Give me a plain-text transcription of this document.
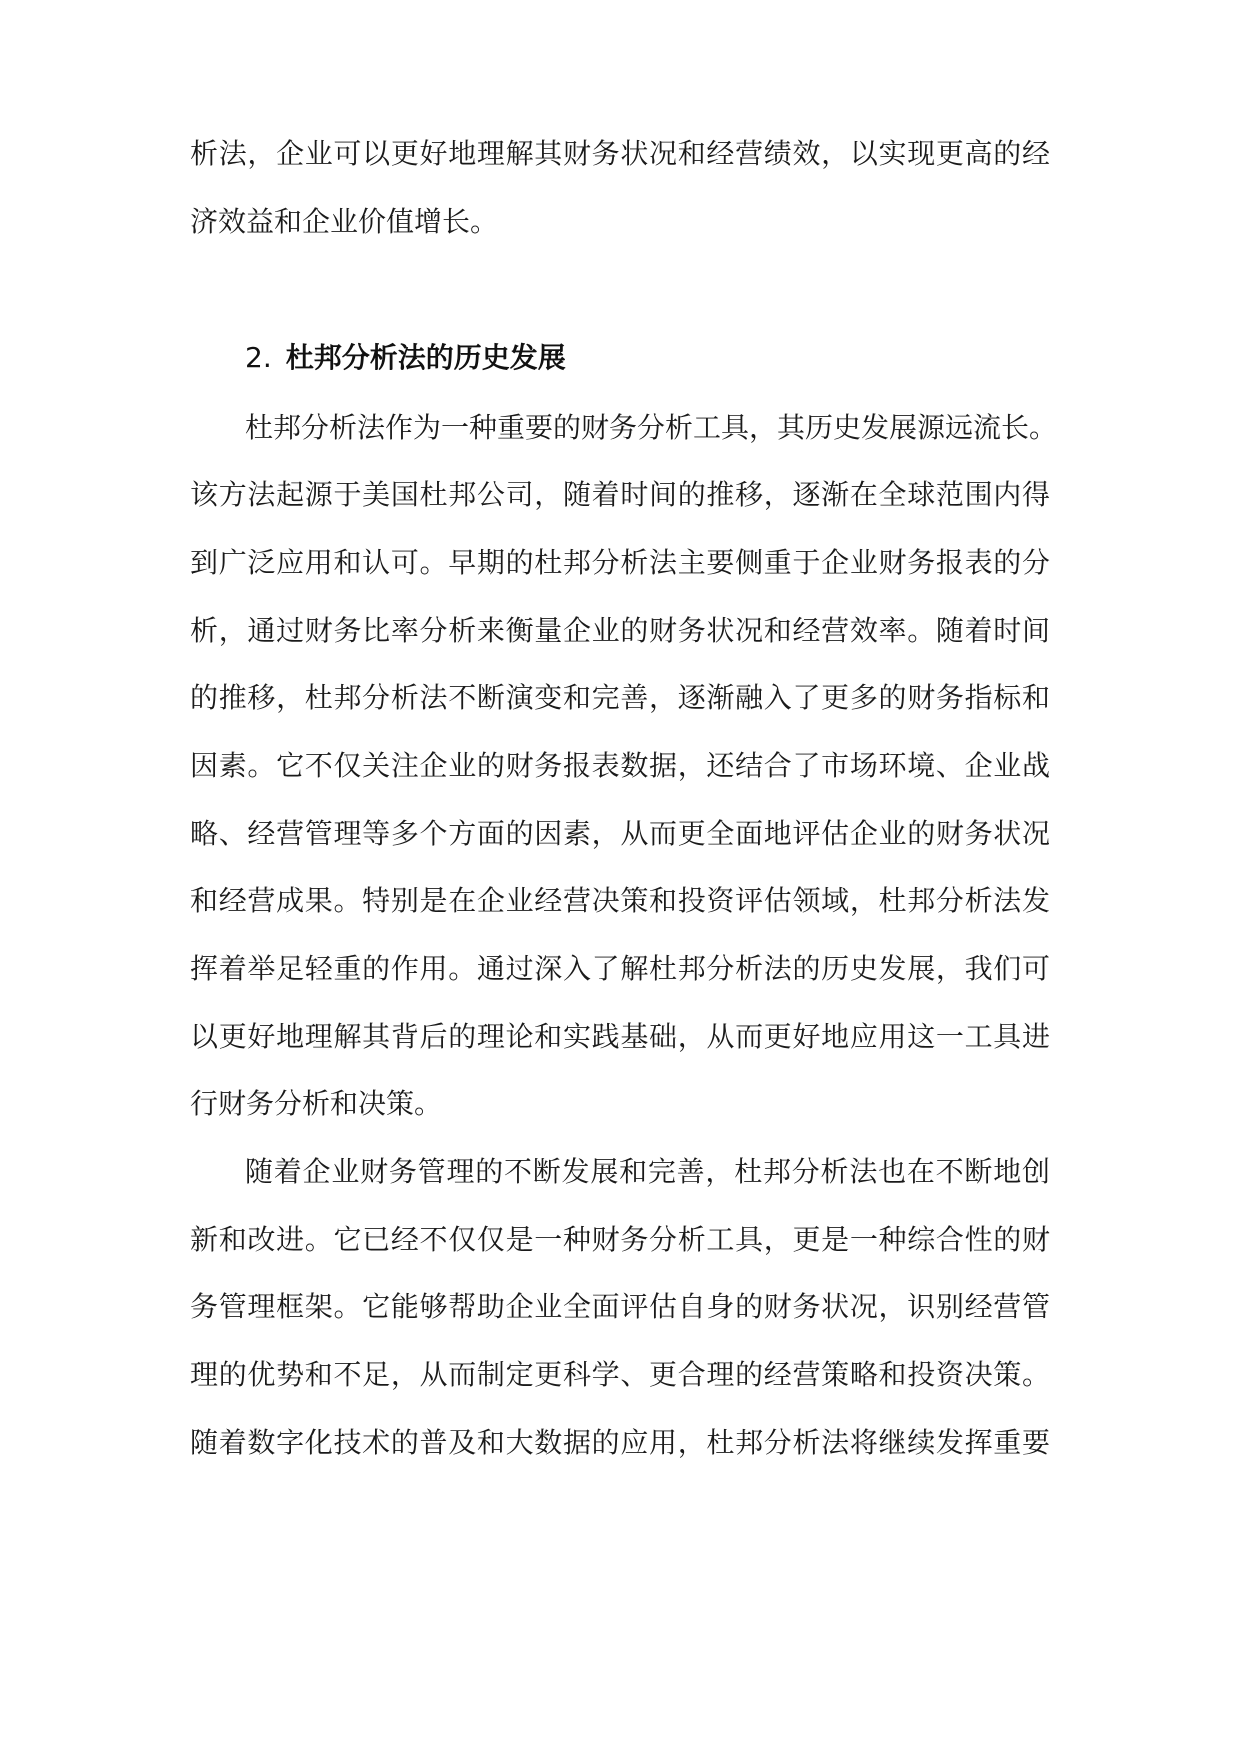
析法，企业可以更好地理解其财务状况和经营绩效，以实现更高的经
济效益和企业价值增长。
2. 杜邦分析法的历史发展
杜邦分析法作为一种重要的财务分析工具，其历史发展源远流长。
该方法起源于美国杜邦公司，随着时间的推移，逐渐在全球范围内得
到广泛应用和认可。早期的杜邦分析法主要侧重于企业财务报表的分
析，通过财务比率分析来衡量企业的财务状况和经营效率。随着时间
的推移，杜邦分析法不断演变和完善，逐渐融入了更多的财务指标和
因素。它不仅关注企业的财务报表数据，还结合了市场环境、企业战
略、经营管理等多个方面的因素，从而更全面地评估企业的财务状况
和经营成果。特别是在企业经营决策和投资评估领域，杜邦分析法发
挥着举足轻重的作用。通过深入了解杜邦分析法的历史发展，我们可
以更好地理解其背后的理论和实践基础，从而更好地应用这一工具进
行财务分析和决策。
随着企业财务管理的不断发展和完善，杜邦分析法也在不断地创
新和改进。它已经不仅仅是一种财务分析工具，更是一种综合性的财
务管理框架。它能够帮助企业全面评估自身的财务状况，识别经营管
理的优势和不足，从而制定更科学、更合理的经营策略和投资决策。
随着数字化技术的普及和大数据的应用，杜邦分析法将继续发挥重要
